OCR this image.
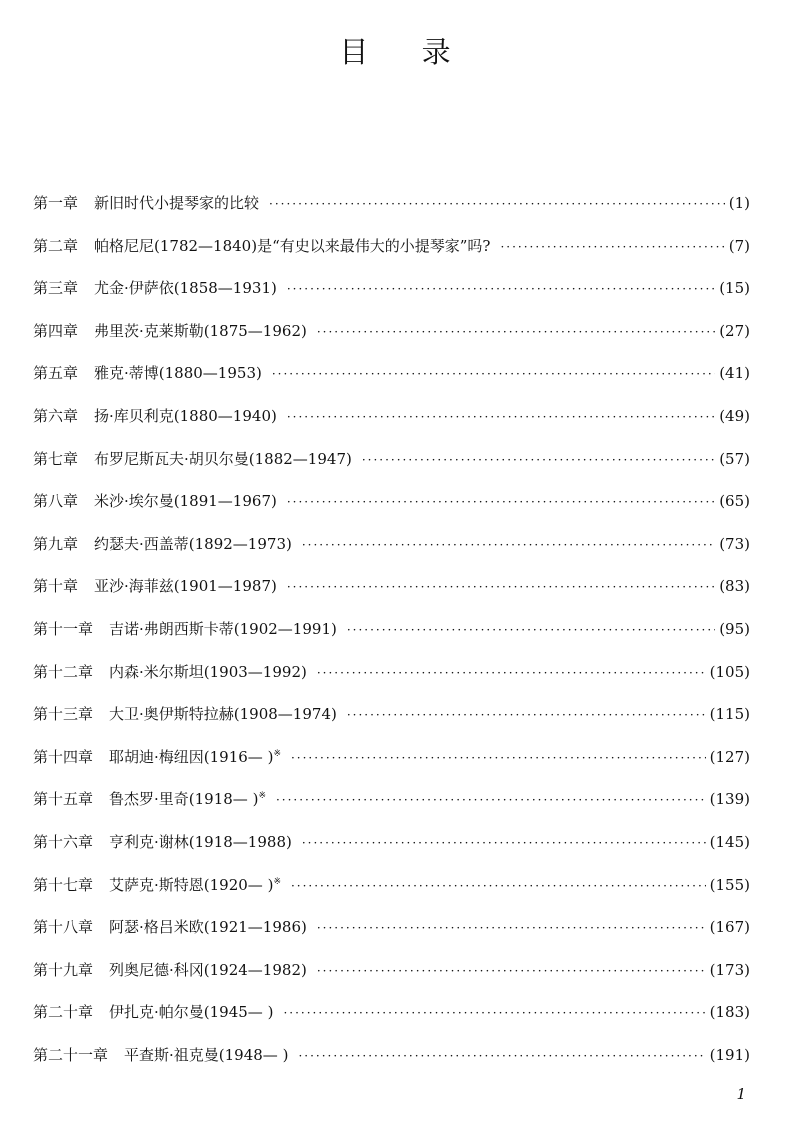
目 录
第一章	新旧时代小提琴家的比较 ·····	(1)
第二章	帕格尼尼(1782—1840)是“有史以来最伟大的小提琴家”吗? ·····	(7)
第三章	尤金·伊萨依(1858—1931) ·····	(15)
第四章	弗里茨·克莱斯勒(1875—1962) ·····	(27)
第五章	雅克·蒂博(1880—1953) ·····	(41)
第六章	扬·库贝利克(1880—1940) ·····	(49)
第七章	布罗尼斯瓦夫·胡贝尔曼(1882—1947) ·····	(57)
第八章	米沙·埃尔曼(1891—1967) ·····	(65)
第九章	约瑟夫·西盖蒂(1892—1973) ·····	(73)
第十章	亚沙·海菲兹(1901—1987) ·····	(83)
第十一章	吉诺·弗朗西斯卡蒂(1902—1991) ·····	(95)
第十二章	内森·米尔斯坦(1903—1992) ·····	(105)
第十三章	大卫·奥伊斯特拉赫(1908—1974) ·····	(115)
第十四章	耶胡迪·梅纽因(1916— )※ ·····	(127)
第十五章	鲁杰罗·里奇(1918— )※ ·····	(139)
第十六章	亨利克·谢林(1918—1988) ·····	(145)
第十七章	艾萨克·斯特恩(1920— )※ ·····	(155)
第十八章	阿瑟·格吕米欧(1921—1986) ·····	(167)
第十九章	列奥尼德·科冈(1924—1982) ·····	(173)
第二十章	伊扎克·帕尔曼(1945— ) ·····	(183)
第二十一章	平查斯·祖克曼(1948— ) ·····	(191)
1
